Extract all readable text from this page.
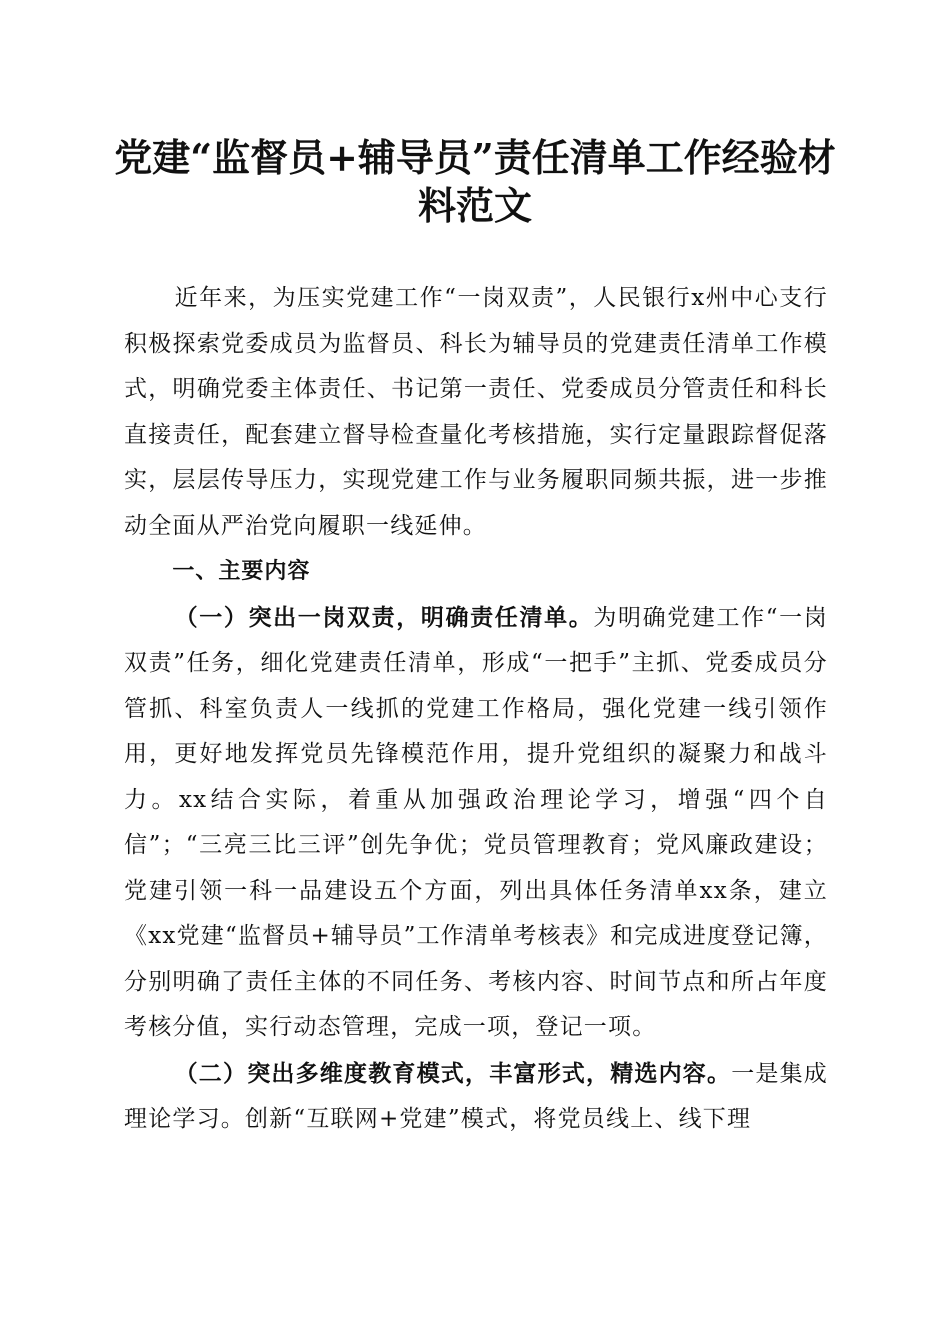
党建“监督员+辅导员”责任清单工作经验材料范文

近年来，为压实党建工作“一岗双责”，人民银行x州中心支行积极探索党委成员为监督员、科长为辅导员的党建责任清单工作模式，明确党委主体责任、书记第一责任、党委成员分管责任和科长直接责任，配套建立督导检查量化考核措施，实行定量跟踪督促落实，层层传导压力，实现党建工作与业务履职同频共振，进一步推动全面从严治党向履职一线延伸。

一、主要内容

（一）突出一岗双责，明确责任清单。为明确党建工作“一岗双责”任务，细化党建责任清单，形成“一把手”主抓、党委成员分管抓、科室负责人一线抓的党建工作格局，强化党建一线引领作用，更好地发挥党员先锋模范作用，提升党组织的凝聚力和战斗力。xx结合实际，着重从加强政治理论学习，增强“四个自信”；“三亮三比三评”创先争优；党员管理教育；党风廉政建设；党建引领一科一品建设五个方面，列出具体任务清单xx条，建立《xx党建“监督员+辅导员”工作清单考核表》和完成进度登记簿，分别明确了责任主体的不同任务、考核内容、时间节点和所占年度考核分值，实行动态管理，完成一项，登记一项。

（二）突出多维度教育模式，丰富形式，精选内容。一是集成理论学习。创新“互联网+党建”模式，将党员线上、线下理
